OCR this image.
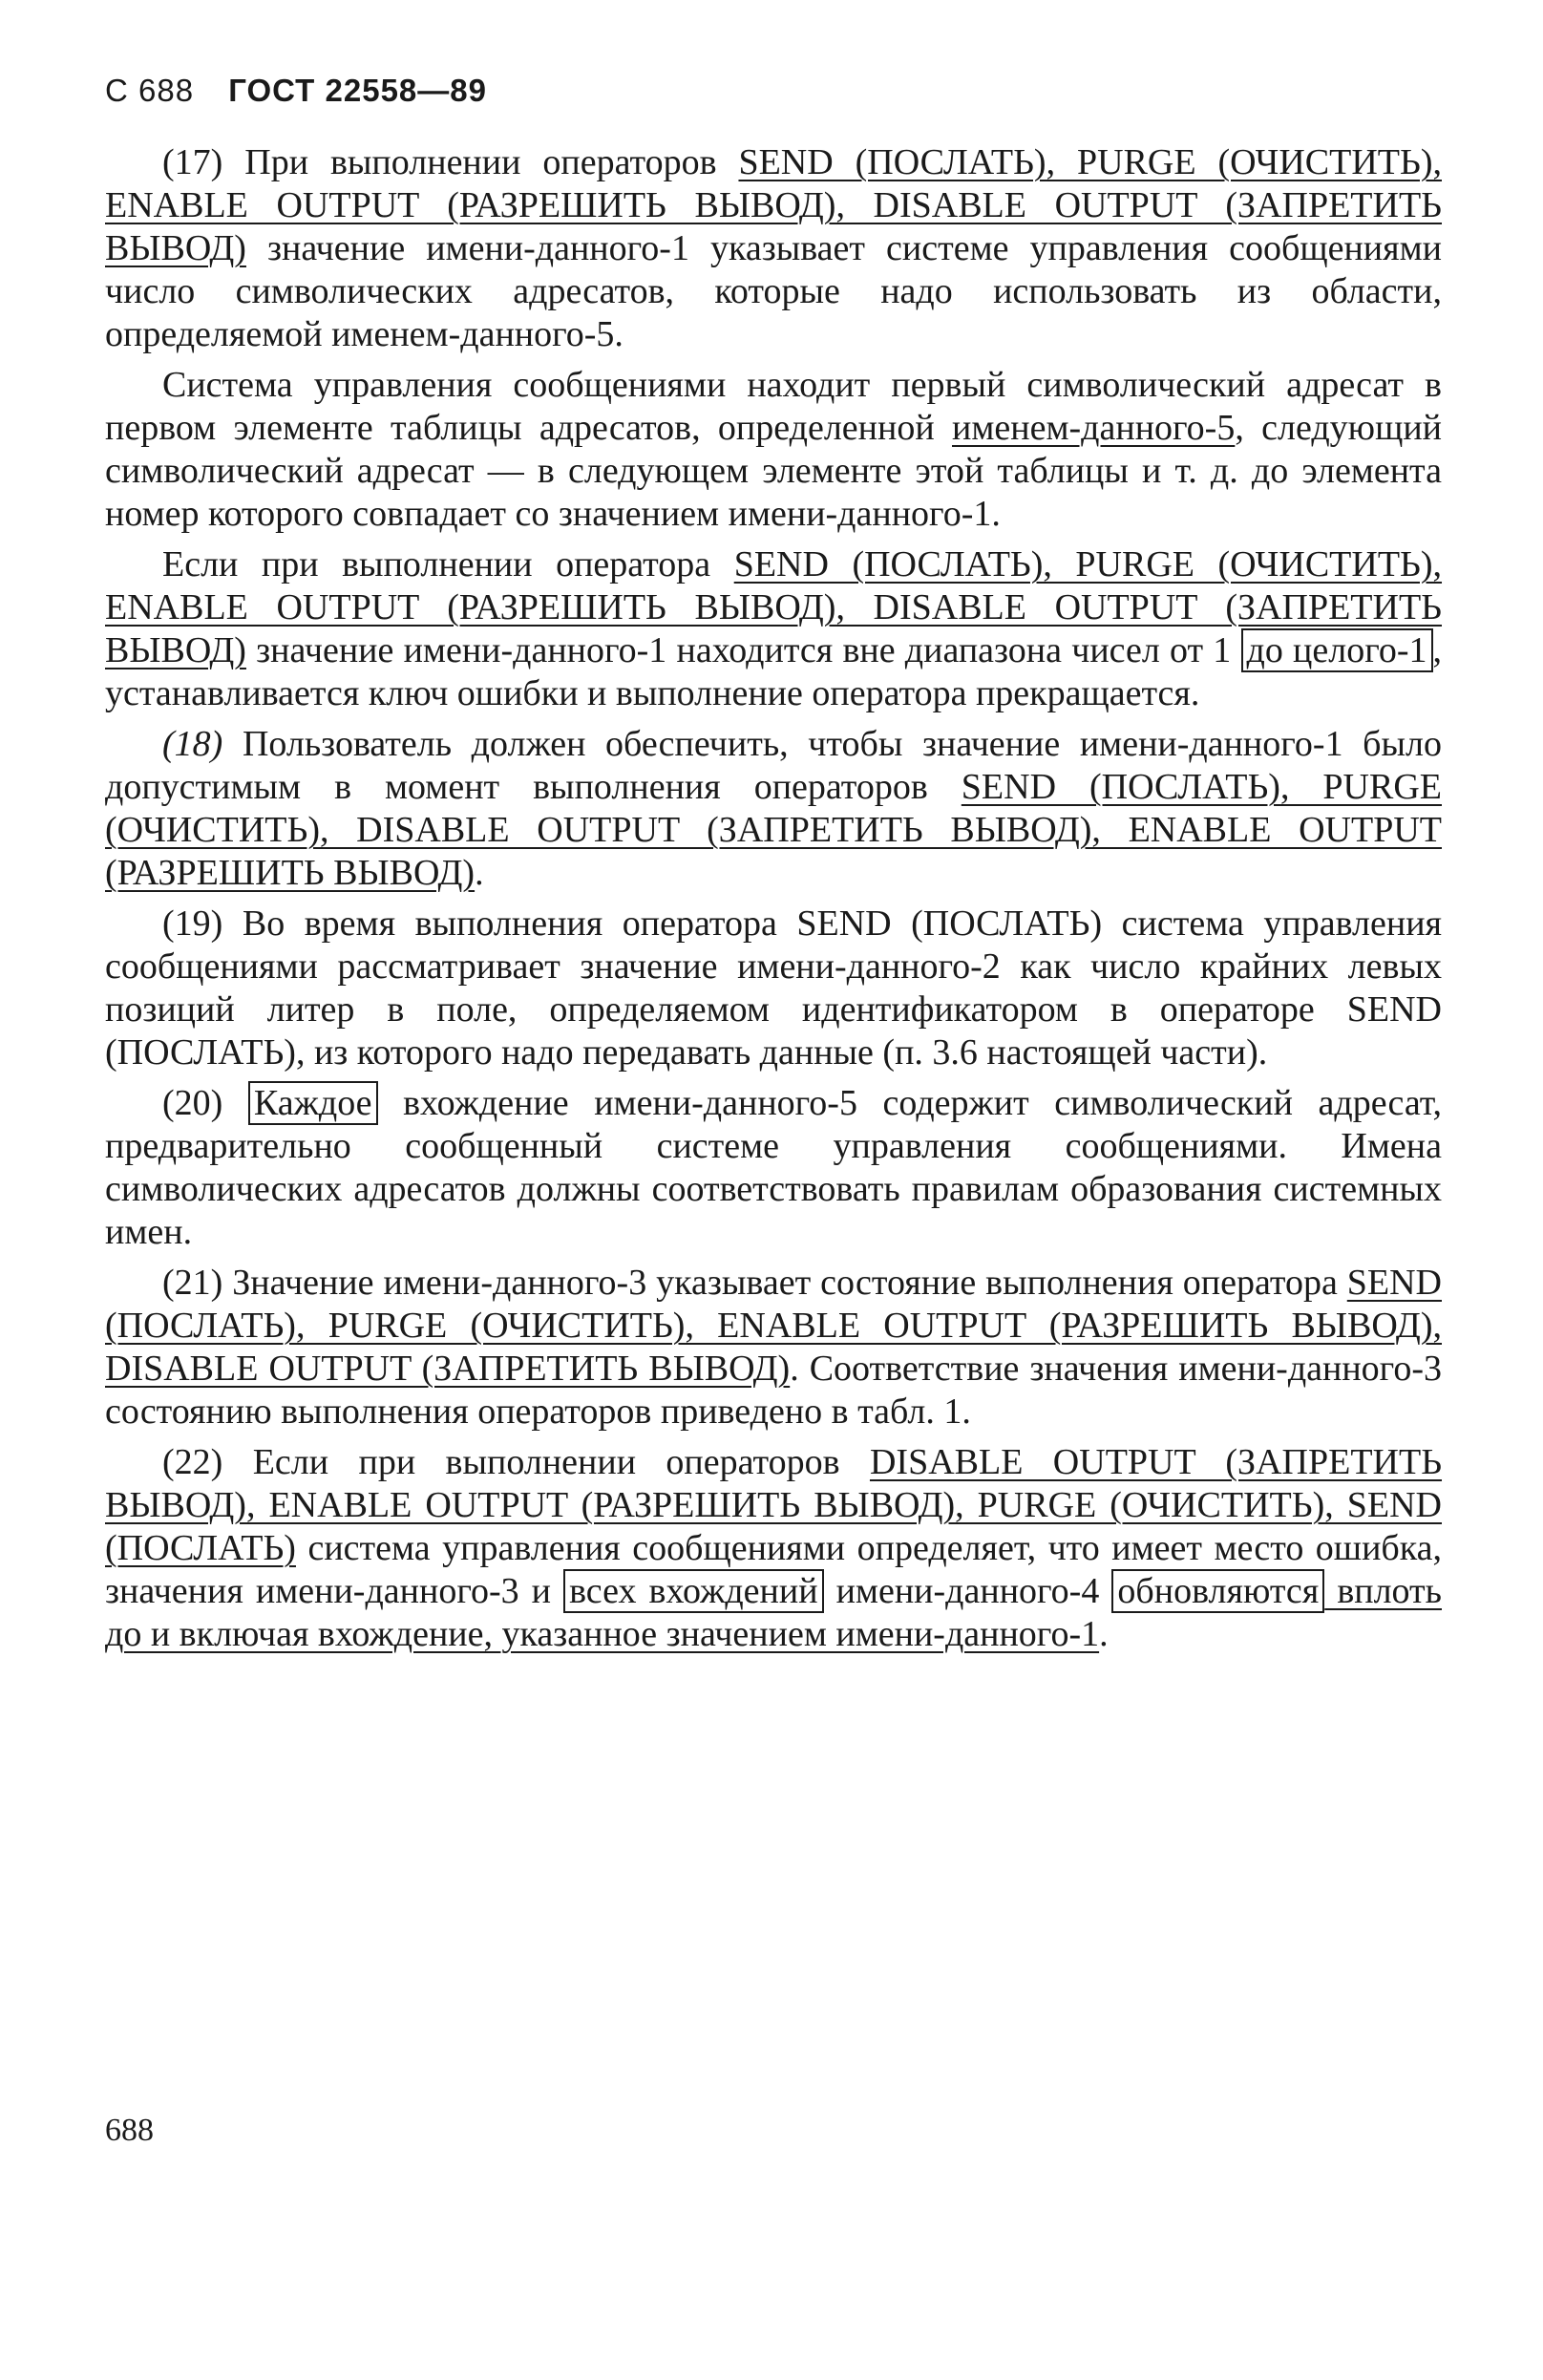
С 688 ГОСТ 22558—89

(17) При выполнении операторов SEND (ПОСЛАТЬ), PURGE (ОЧИСТИТЬ), ENABLE OUTPUT (РАЗРЕШИТЬ ВЫВОД), DISABLE OUTPUT (ЗАПРЕТИТЬ ВЫВОД) значение имени-данного-1 указывает системе управления сообщениями число символических адресатов, которые надо использовать из области, определяемой именем-данного-5.

Система управления сообщениями находит первый символический адресат в первом элементе таблицы адресатов, определенной именем-данного-5, следующий символический адресат — в следующем элементе этой таблицы и т. д. до элемента номер которого совпадает со значением имени-данного-1.

Если при выполнении оператора SEND (ПОСЛАТЬ), PURGE (ОЧИСТИТЬ), ENABLE OUTPUT (РАЗРЕШИТЬ ВЫВОД), DISABLE OUTPUT (ЗАПРЕТИТЬ ВЫВОД) значение имени-данного-1 находится вне диапазона чисел от 1 до целого-1 , устанавливается ключ ошибки и выполнение оператора прекращается.

(18) Пользователь должен обеспечить, чтобы значение имени-данного-1 было допустимым в момент выполнения операторов SEND (ПОСЛАТЬ), PURGE (ОЧИСТИТЬ), DISABLE OUTPUT (ЗАПРЕТИТЬ ВЫВОД), ENABLE OUTPUT (РАЗРЕШИТЬ ВЫВОД).

(19) Во время выполнения оператора SEND (ПОСЛАТЬ) система управления сообщениями рассматривает значение имени-данного-2 как число крайних левых позиций литер в поле, определяемом идентификатором в операторе SEND (ПОСЛАТЬ), из которого надо передавать данные (п. 3.6 настоящей части).

(20) Каждое вхождение имени-данного-5 содержит символический адресат, предварительно сообщенный системе управления сообщениями. Имена символических адресатов должны соответствовать правилам образования системных имен.

(21) Значение имени-данного-3 указывает состояние выполнения оператора SEND (ПОСЛАТЬ), PURGE (ОЧИСТИТЬ), ENABLE OUTPUT (РАЗРЕШИТЬ ВЫВОД), DISABLE OUTPUT (ЗАПРЕТИТЬ ВЫВОД). Соответствие значения имени-данного-3 состоянию выполнения операторов приведено в табл. 1.

(22) Если при выполнении операторов DISABLE OUTPUT (ЗАПРЕТИТЬ ВЫВОД), ENABLE OUTPUT (РАЗРЕШИТЬ ВЫВОД), PURGE (ОЧИСТИТЬ), SEND (ПОСЛАТЬ) система управления сообщениями определяет, что имеет место ошибка, значения имени-данного-3 и всех вхождений имени-данного-4 обновляются вплоть до и включая вхождение, указанное значением имени-данного-1.

688
